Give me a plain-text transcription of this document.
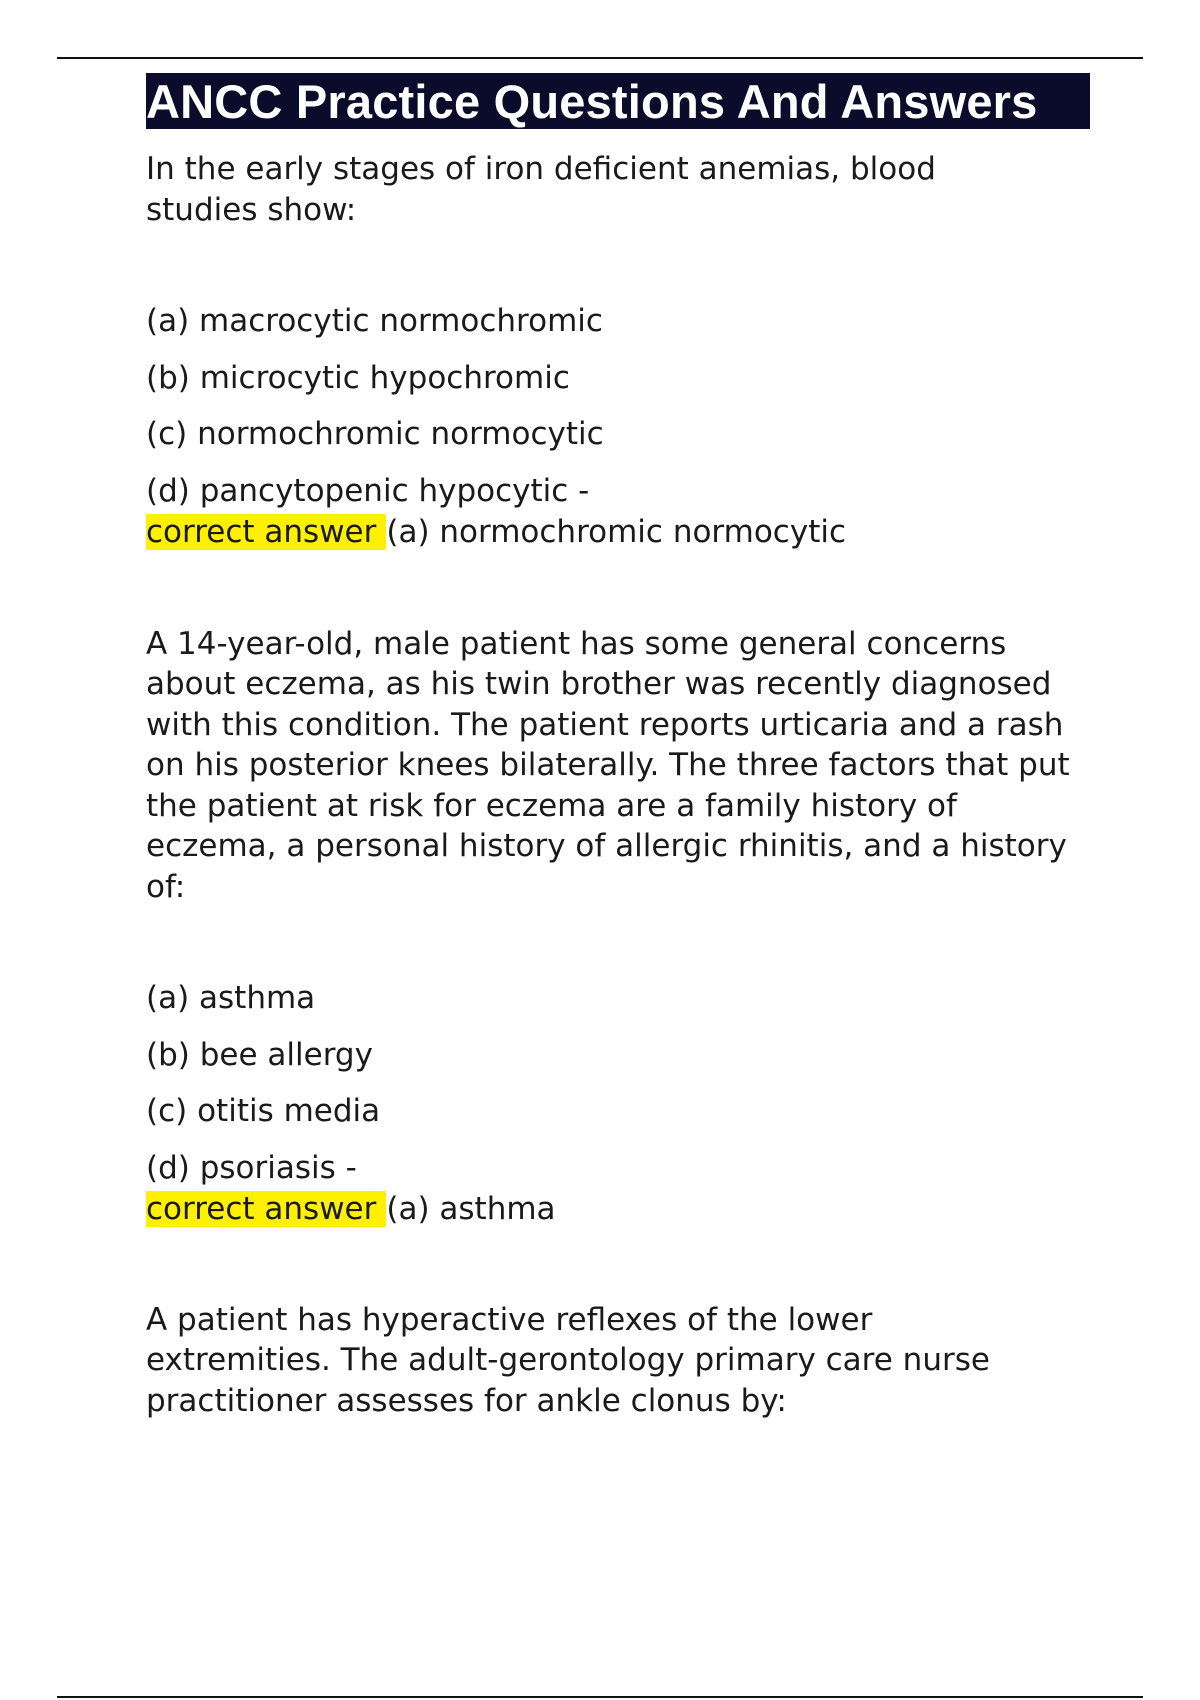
ANCC Practice Questions And Answers

In the early stages of iron deficient anemias, blood studies show:

(a) macrocytic normochromic
(b) microcytic hypochromic
(c) normochromic normocytic
(d) pancytopenic hypocytic -
correct answer (a) normochromic normocytic

A 14-year-old, male patient has some general concerns about eczema, as his twin brother was recently diagnosed with this condition. The patient reports urticaria and a rash on his posterior knees bilaterally. The three factors that put the patient at risk for eczema are a family history of eczema, a personal history of allergic rhinitis, and a history of:

(a) asthma
(b) bee allergy
(c) otitis media
(d) psoriasis -
correct answer (a) asthma

A patient has hyperactive reflexes of the lower extremities. The adult-gerontology primary care nurse practitioner assesses for ankle clonus by:
